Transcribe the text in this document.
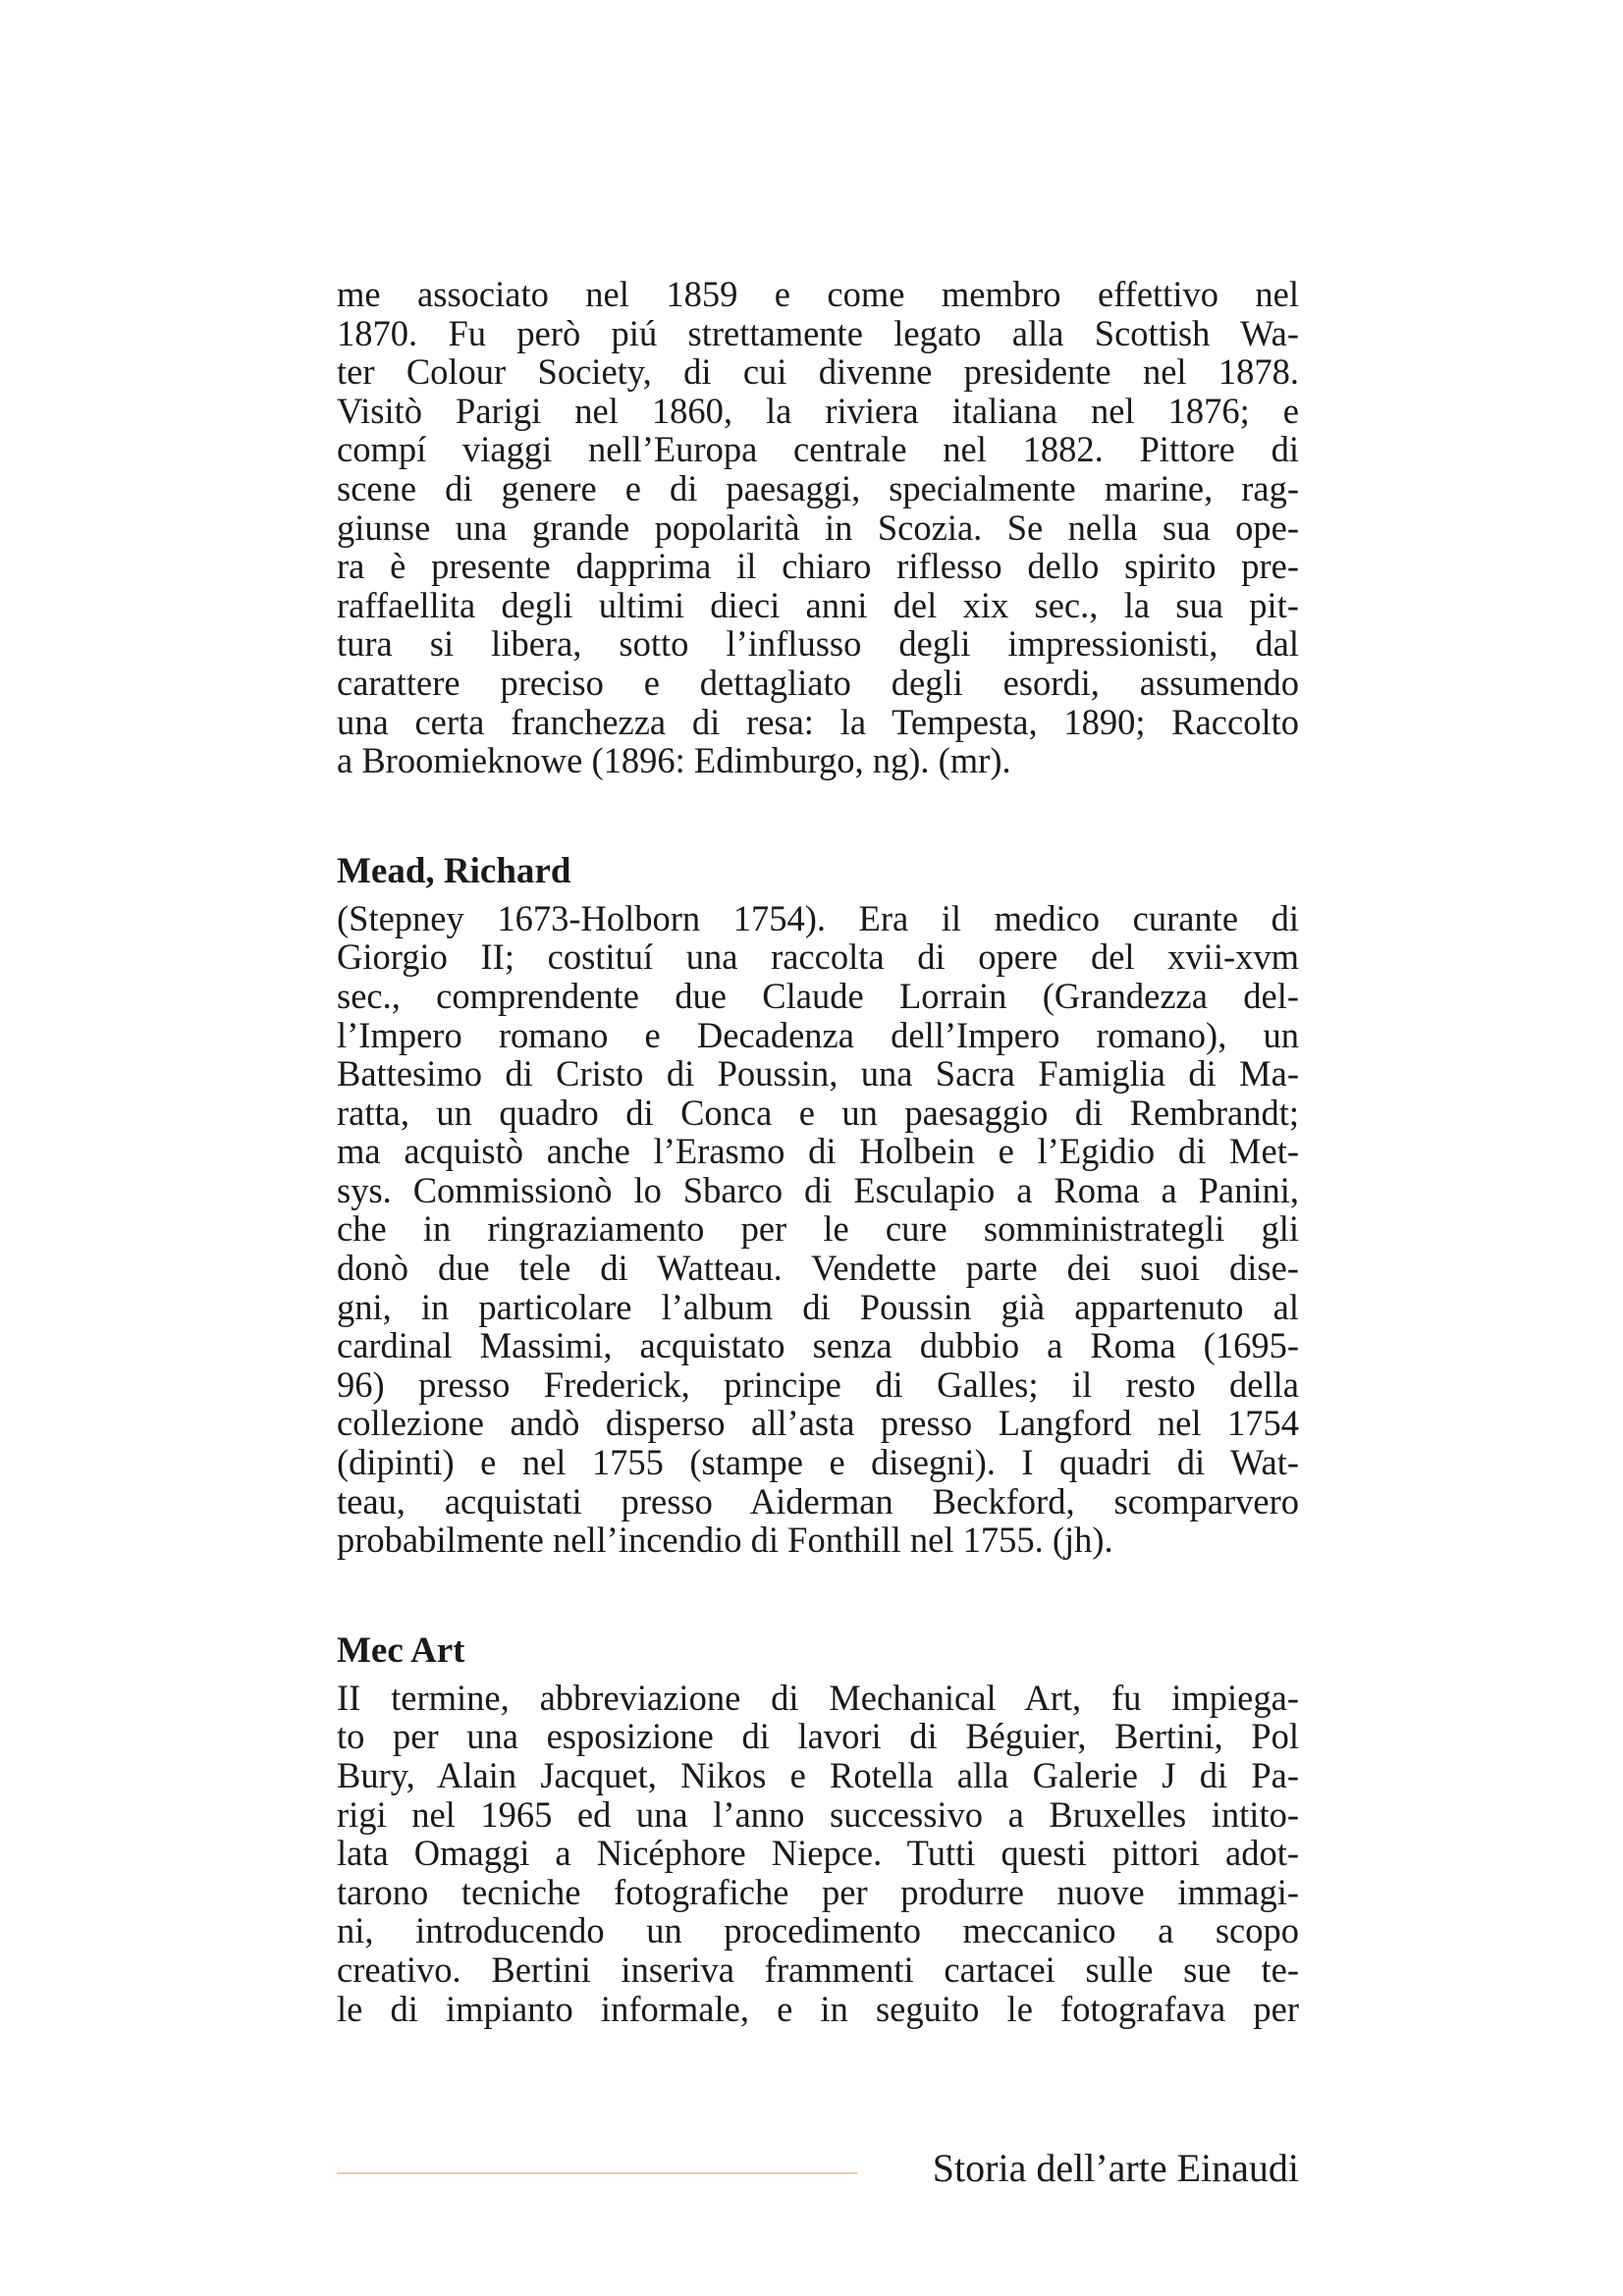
me associato nel 1859 e come membro effettivo nel
1870. Fu però piú strettamente legato alla Scottish Wa-
ter Colour Society, di cui divenne presidente nel 1878.
Visitò Parigi nel 1860, la riviera italiana nel 1876; e
compí viaggi nell’Europa centrale nel 1882. Pittore di
scene di genere e di paesaggi, specialmente marine, rag-
giunse una grande popolarità in Scozia. Se nella sua ope-
ra è presente dapprima il chiaro riflesso dello spirito pre-
raffaellita degli ultimi dieci anni del xix sec., la sua pit-
tura si libera, sotto l’influsso degli impressionisti, dal
carattere preciso e dettagliato degli esordi, assumendo
una certa franchezza di resa: la Tempesta, 1890; Raccolto
a Broomieknowe (1896: Edimburgo, ng). (mr).
Mead, Richard
(Stepney 1673-Holborn 1754). Era il medico curante di
Giorgio II; costituí una raccolta di opere del xvii-xvm
sec., comprendente due Claude Lorrain (Grandezza del-
l’Impero romano e Decadenza dell’Impero romano), un
Battesimo di Cristo di Poussin, una Sacra Famiglia di Ma-
ratta, un quadro di Conca e un paesaggio di Rembrandt;
ma acquistò anche l’Erasmo di Holbein e l’Egidio di Met-
sys. Commissionò lo Sbarco di Esculapio a Roma a Panini,
che in ringraziamento per le cure somministrategli gli
donò due tele di Watteau. Vendette parte dei suoi dise-
gni, in particolare l’album di Poussin già appartenuto al
cardinal Massimi, acquistato senza dubbio a Roma (1695-
96) presso Frederick, principe di Galles; il resto della
collezione andò disperso all’asta presso Langford nel 1754
(dipinti) e nel 1755 (stampe e disegni). I quadri di Wat-
teau, acquistati presso Aiderman Beckford, scomparvero
probabilmente nell’incendio di Fonthill nel 1755. (jh).
Mec Art
II termine, abbreviazione di Mechanical Art, fu impiega-
to per una esposizione di lavori di Béguier, Bertini, Pol
Bury, Alain Jacquet, Nikos e Rotella alla Galerie J di Pa-
rigi nel 1965 ed una l’anno successivo a Bruxelles intito-
lata Omaggi a Nicéphore Niepce. Tutti questi pittori adot-
tarono tecniche fotografiche per produrre nuove immagi-
ni, introducendo un procedimento meccanico a scopo
creativo. Bertini inseriva frammenti cartacei sulle sue te-
le di impianto informale, e in seguito le fotografava per
Storia dell’arte Einaudi
